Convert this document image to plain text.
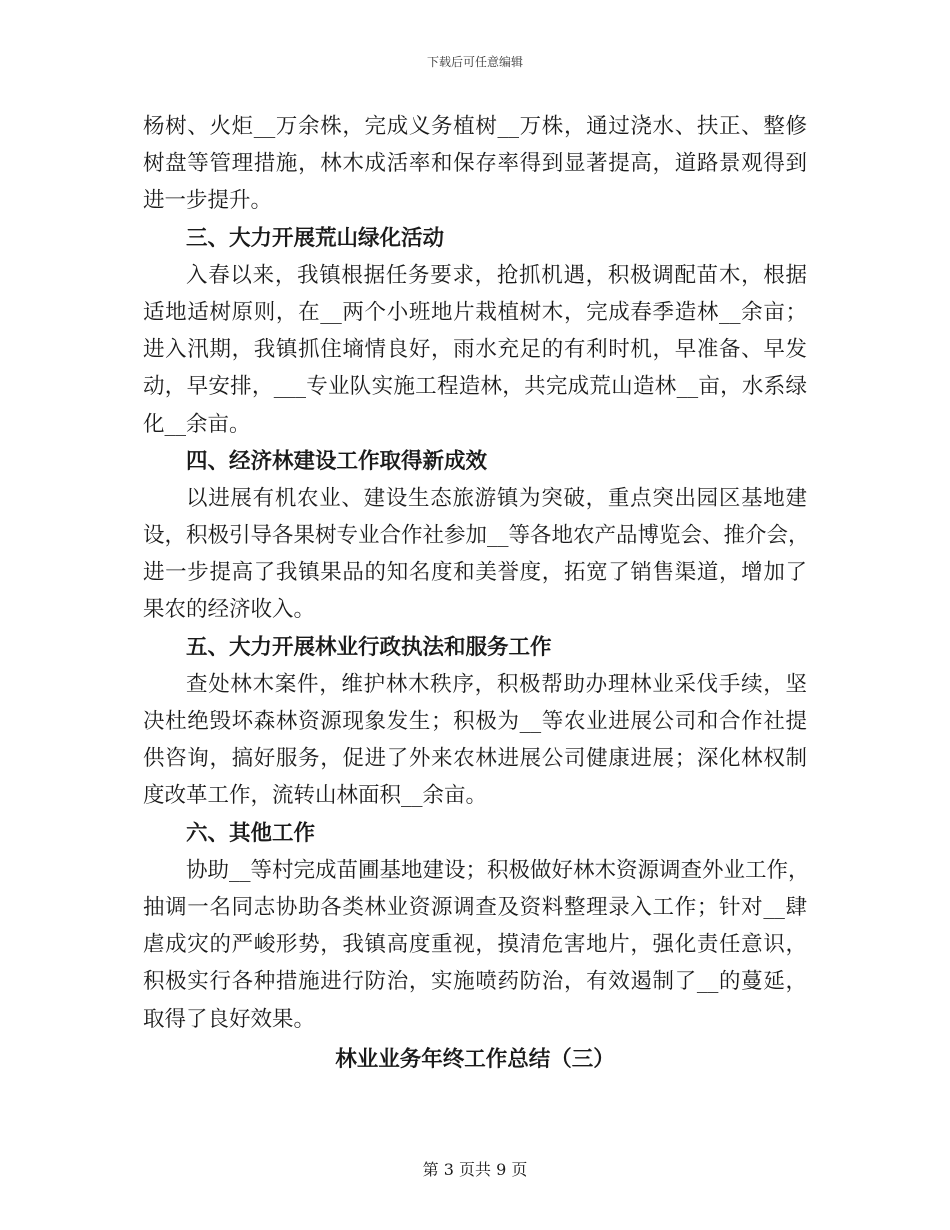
下载后可任意编辑
杨树、火炬__万余株，完成义务植树__万株，通过浇水、扶正、整修
树盘等管理措施，林木成活率和保存率得到显著提高，道路景观得到
进一步提升。
三、大力开展荒山绿化活动
入春以来，我镇根据任务要求，抢抓机遇，积极调配苗木，根据
适地适树原则，在__两个小班地片栽植树木，完成春季造林__余亩；
进入汛期，我镇抓住墒情良好，雨水充足的有利时机，早准备、早发
动，早安排，___专业队实施工程造林，共完成荒山造林__亩，水系绿
化__余亩。
四、经济林建设工作取得新成效
以进展有机农业、建设生态旅游镇为突破，重点突出园区基地建
设，积极引导各果树专业合作社参加__等各地农产品博览会、推介会，
进一步提高了我镇果品的知名度和美誉度，拓宽了销售渠道，增加了
果农的经济收入。
五、大力开展林业行政执法和服务工作
查处林木案件，维护林木秩序，积极帮助办理林业采伐手续，坚
决杜绝毁坏森林资源现象发生；积极为__等农业进展公司和合作社提
供咨询，搞好服务，促进了外来农林进展公司健康进展；深化林权制
度改革工作，流转山林面积__余亩。
六、其他工作
协助__等村完成苗圃基地建设；积极做好林木资源调查外业工作，
抽调一名同志协助各类林业资源调查及资料整理录入工作；针对__肆
虐成灾的严峻形势，我镇高度重视，摸清危害地片，强化责任意识，
积极实行各种措施进行防治，实施喷药防治，有效遏制了__的蔓延，
取得了良好效果。
林业业务年终工作总结（三）
第 3 页共 9 页
